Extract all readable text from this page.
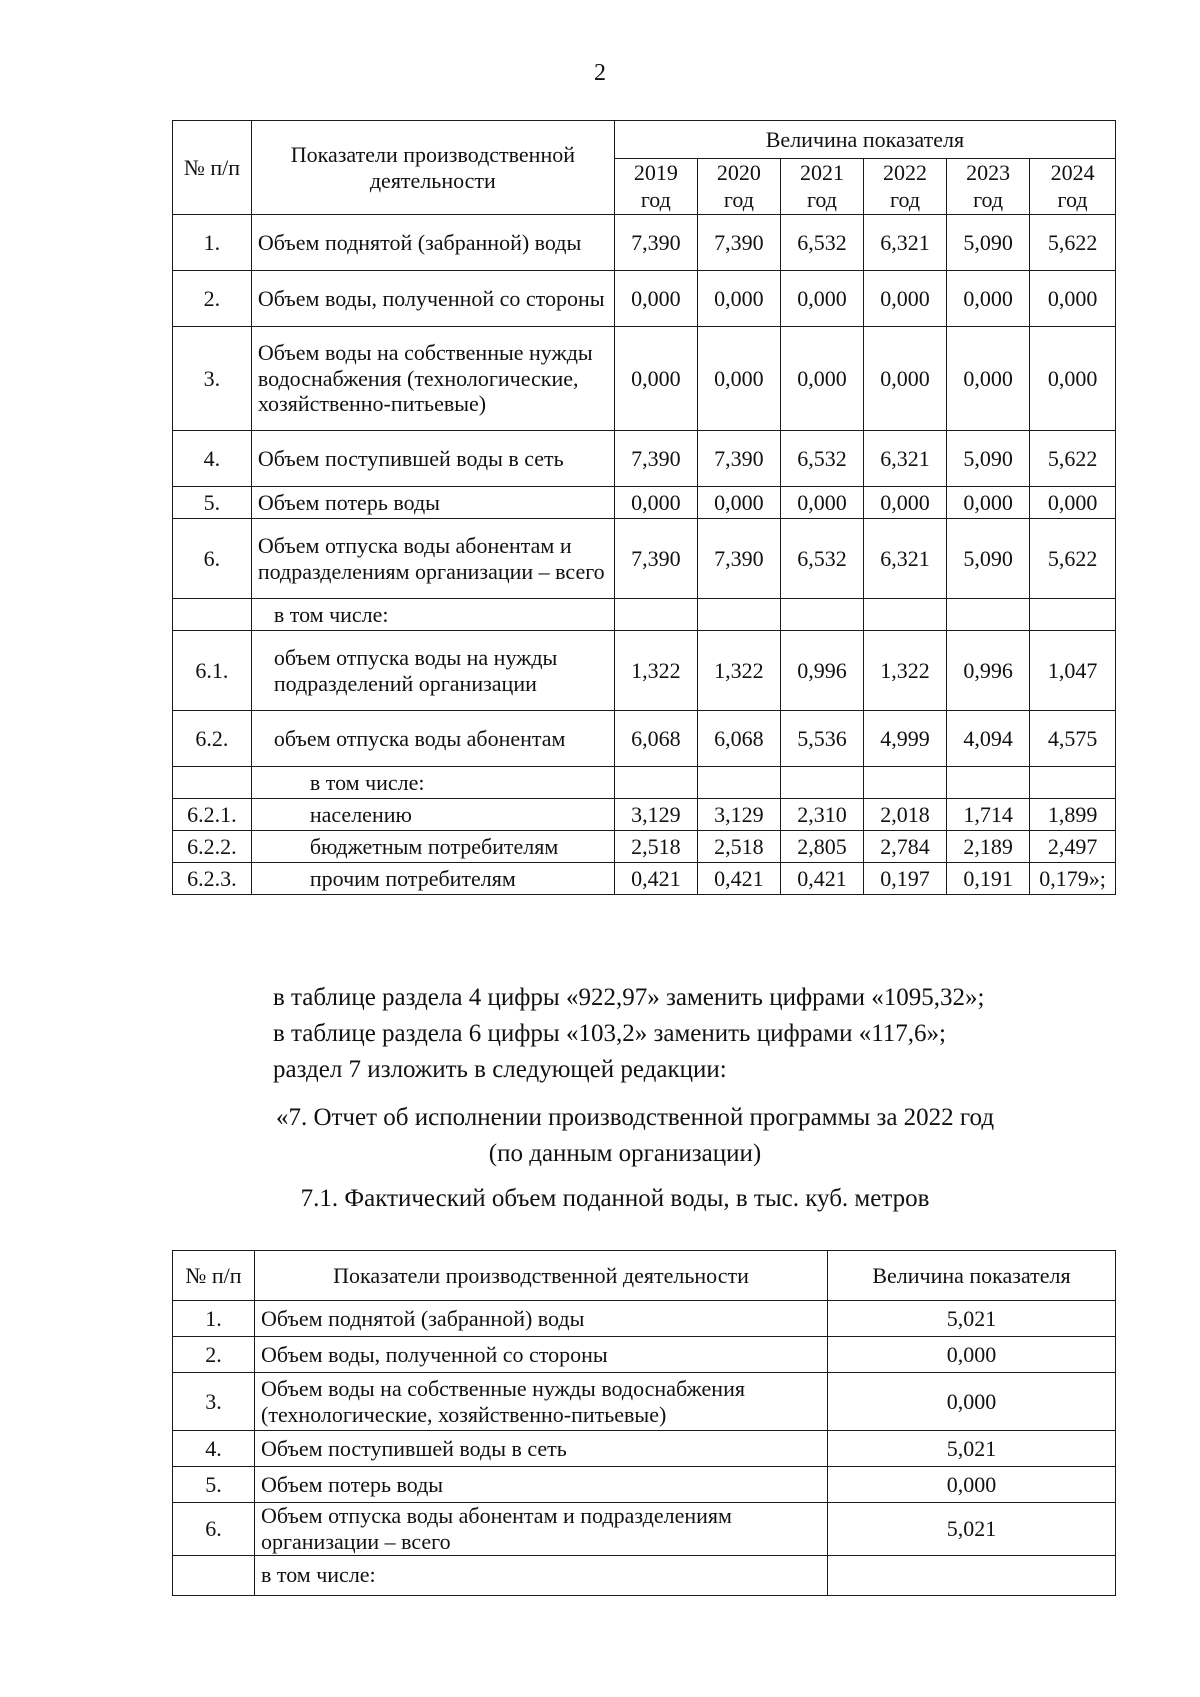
2
№ п/п	Показатели производственной деятельности	Величина показателя					
		2019 год	2020 год	2021 год	2022 год	2023 год	2024 год
1.	Объем поднятой (забранной) воды	7,390	7,390	6,532	6,321	5,090	5,622
2.	Объем воды, полученной со стороны	0,000	0,000	0,000	0,000	0,000	0,000
3.	Объем воды на собственные нужды водоснабжения (технологические, хозяйственно-питьевые)	0,000	0,000	0,000	0,000	0,000	0,000
4.	Объем поступившей воды в сеть	7,390	7,390	6,532	6,321	5,090	5,622
5.	Объем потерь воды	0,000	0,000	0,000	0,000	0,000	0,000
6.	Объем отпуска воды абонентам и подразделениям организации – всего	7,390	7,390	6,532	6,321	5,090	5,622
	в том числе:						
6.1.	объем отпуска воды на нужды подразделений организации	1,322	1,322	0,996	1,322	0,996	1,047
6.2.	объем отпуска воды абонентам	6,068	6,068	5,536	4,999	4,094	4,575
	в том числе:						
6.2.1.	населению	3,129	3,129	2,310	2,018	1,714	1,899
6.2.2.	бюджетным потребителям	2,518	2,518	2,805	2,784	2,189	2,497
6.2.3.	прочим потребителям	0,421	0,421	0,421	0,197	0,191	0,179»;
в таблице раздела 4 цифры «922,97» заменить цифрами «1095,32»;
в таблице раздела 6 цифры «103,2» заменить цифрами «117,6»;
раздел 7 изложить в следующей редакции:
«7. Отчет об исполнении производственной программы за 2022 год
(по данным организации)
7.1. Фактический объем поданной воды, в тыс. куб. метров
№ п/п	Показатели производственной деятельности	Величина показателя
1.	Объем поднятой (забранной) воды	5,021
2.	Объем воды, полученной со стороны	0,000
3.	Объем воды на собственные нужды водоснабжения (технологические, хозяйственно-питьевые)	0,000
4.	Объем поступившей воды в сеть	5,021
5.	Объем потерь воды	0,000
6.	Объем отпуска воды абонентам и подразделениям организации – всего	5,021
	в том числе:	
